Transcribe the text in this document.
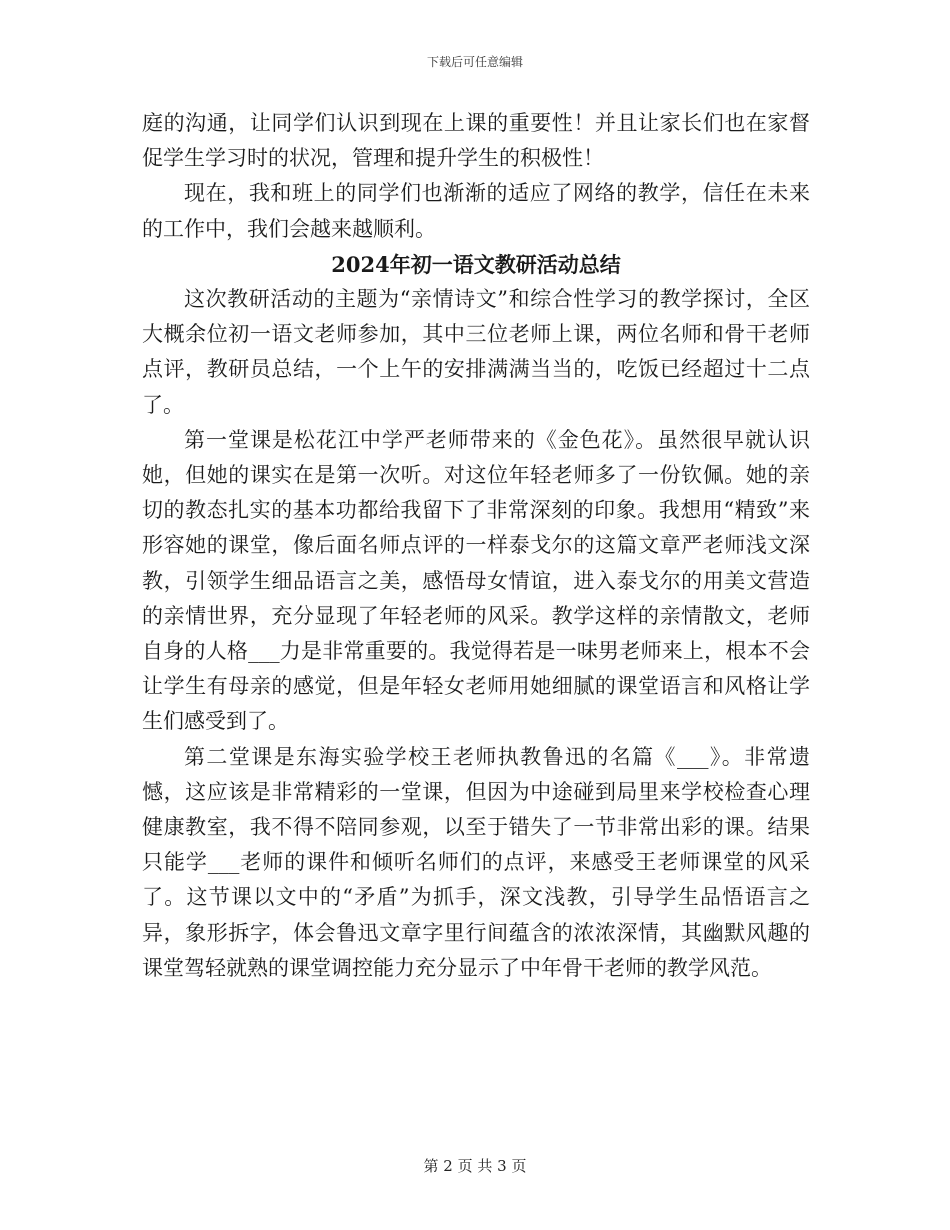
下载后可任意编辑

庭的沟通，让同学们认识到现在上课的重要性！并且让家长们也在家督促学生学习时的状况，管理和提升学生的积极性！

现在，我和班上的同学们也渐渐的适应了网络的教学，信任在未来的工作中，我们会越来越顺利。

2024年初一语文教研活动总结

这次教研活动的主题为“亲情诗文”和综合性学习的教学探讨，全区大概余位初一语文老师参加，其中三位老师上课，两位名师和骨干老师点评，教研员总结，一个上午的安排满满当当的，吃饭已经超过十二点了。

第一堂课是松花江中学严老师带来的《金色花》。虽然很早就认识她，但她的课实在是第一次听。对这位年轻老师多了一份钦佩。她的亲切的教态扎实的基本功都给我留下了非常深刻的印象。我想用“精致”来形容她的课堂，像后面名师点评的一样泰戈尔的这篇文章严老师浅文深教，引领学生细品语言之美，感悟母女情谊，进入泰戈尔的用美文营造的亲情世界，充分显现了年轻老师的风采。教学这样的亲情散文，老师自身的人格___力是非常重要的。我觉得若是一味男老师来上，根本不会让学生有母亲的感觉，但是年轻女老师用她细腻的课堂语言和风格让学生们感受到了。

第二堂课是东海实验学校王老师执教鲁迅的名篇《___》。非常遗憾，这应该是非常精彩的一堂课，但因为中途碰到局里来学校检查心理健康教室，我不得不陪同参观，以至于错失了一节非常出彩的课。结果只能学___老师的课件和倾听名师们的点评，来感受王老师课堂的风采了。这节课以文中的“矛盾”为抓手，深文浅教，引导学生品悟语言之异，象形拆字，体会鲁迅文章字里行间蕴含的浓浓深情，其幽默风趣的课堂驾轻就熟的课堂调控能力充分显示了中年骨干老师的教学风范。

第 2 页 共 3 页
